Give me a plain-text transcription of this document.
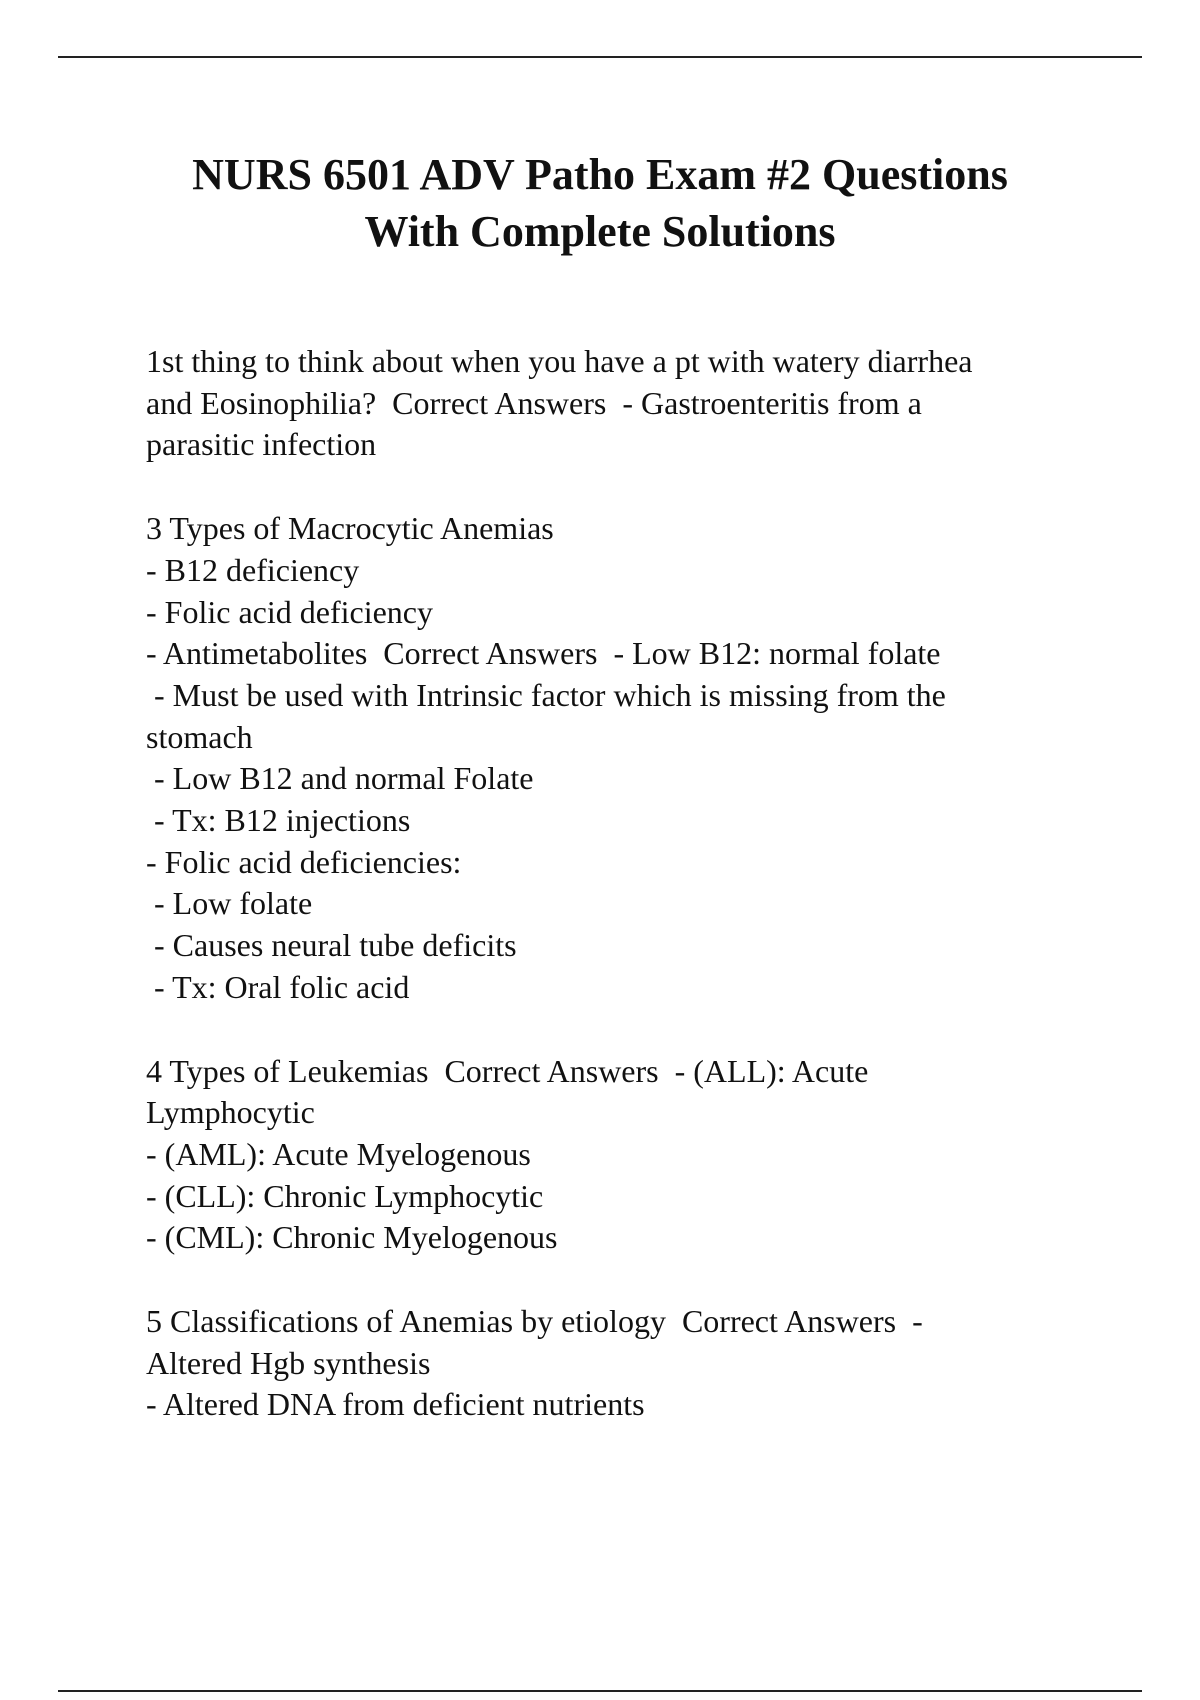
NURS 6501 ADV Patho Exam #2 Questions
With Complete Solutions
1st thing to think about when you have a pt with watery diarrhea
and Eosinophilia?  Correct Answers  - Gastroenteritis from a
parasitic infection
3 Types of Macrocytic Anemias
- B12 deficiency
- Folic acid deficiency
- Antimetabolites  Correct Answers  - Low B12: normal folate
- Must be used with Intrinsic factor which is missing from the
stomach
- Low B12 and normal Folate
- Tx: B12 injections
- Folic acid deficiencies:
- Low folate
- Causes neural tube deficits
- Tx: Oral folic acid
4 Types of Leukemias  Correct Answers  - (ALL): Acute
Lymphocytic
- (AML): Acute Myelogenous
- (CLL): Chronic Lymphocytic
- (CML): Chronic Myelogenous
5 Classifications of Anemias by etiology  Correct Answers  -
Altered Hgb synthesis
- Altered DNA from deficient nutrients
